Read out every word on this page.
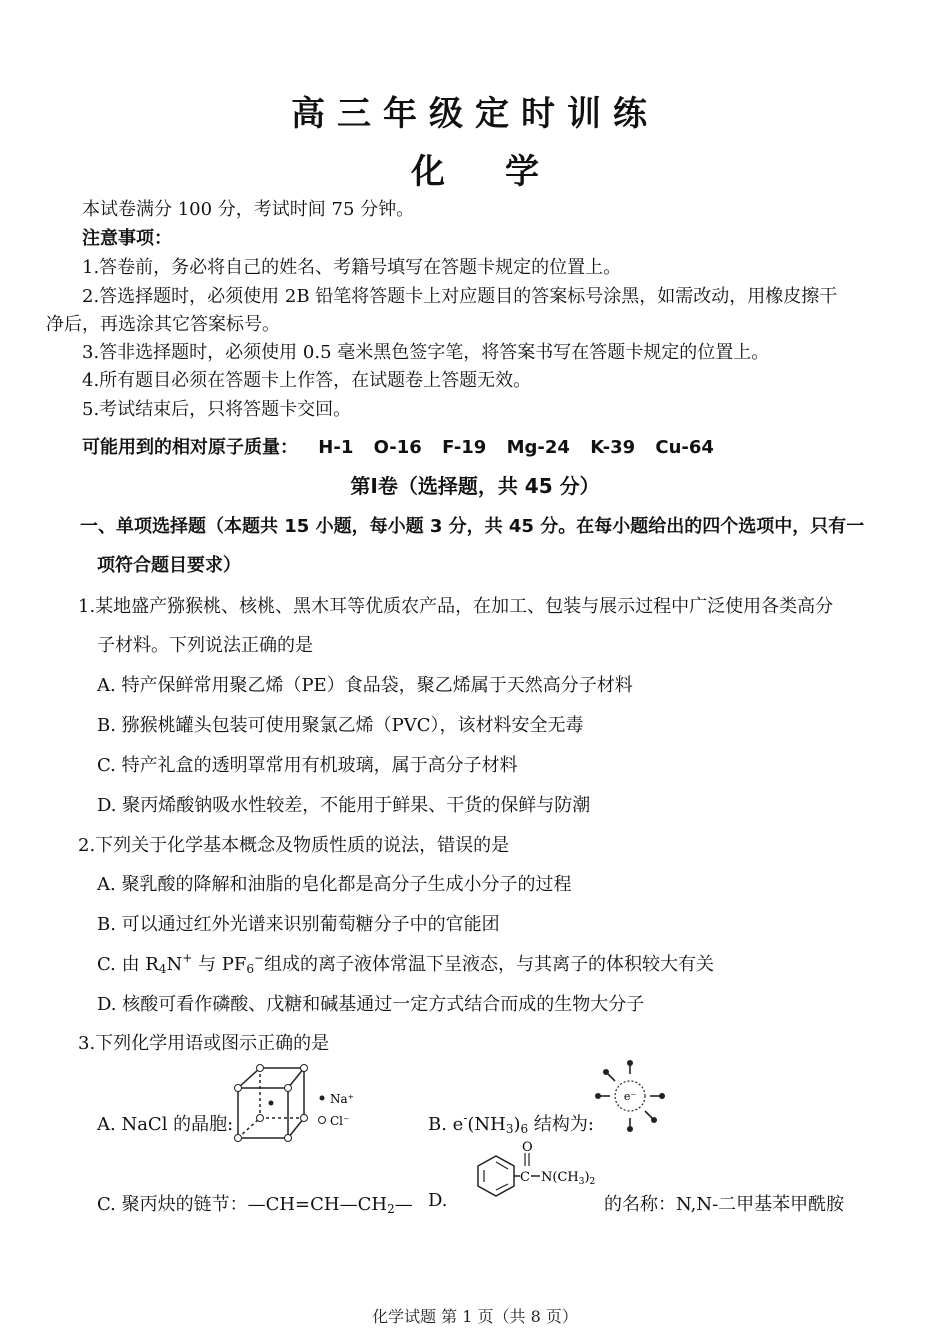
高三年级定时训练
化学
本试卷满分 100 分，考试时间 75 分钟。
注意事项：
1.答卷前，务必将自己的姓名、考籍号填写在答题卡规定的位置上。
2.答选择题时，必须使用 2B 铅笔将答题卡上对应题目的答案标号涂黑，如需改动，用橡皮擦干
净后，再选涂其它答案标号。
3.答非选择题时，必须使用 0.5 毫米黑色签字笔，将答案书写在答题卡规定的位置上。
4.所有题目必须在答题卡上作答，在试题卷上答题无效。
5.考试结束后，只将答题卡交回。
可能用到的相对原子质量： H-1 O-16 F-19 Mg-24 K-39 Cu-64
第Ⅰ卷（选择题，共 45 分）
一、单项选择题（本题共 15 小题，每小题 3 分，共 45 分。在每小题给出的四个选项中，只有一
项符合题目要求）
1.某地盛产猕猴桃、核桃、黑木耳等优质农产品，在加工、包装与展示过程中广泛使用各类高分
子材料。下列说法正确的是
A. 特产保鲜常用聚乙烯（PE）食品袋，聚乙烯属于天然高分子材料
B. 猕猴桃罐头包装可使用聚氯乙烯（PVC），该材料安全无毒
C. 特产礼盒的透明罩常用有机玻璃，属于高分子材料
D. 聚丙烯酸钠吸水性较差，不能用于鲜果、干货的保鲜与防潮
2.下列关于化学基本概念及物质性质的说法，错误的是
A. 聚乳酸的降解和油脂的皂化都是高分子生成小分子的过程
B. 可以通过红外光谱来识别葡萄糖分子中的官能团
C. 由 $R_4N^+$ 与 $PF_6^-$组成的离子液体常温下呈液态，与其离子的体积较大有关
D. 核酸可看作磷酸、戊糖和碱基通过一定方式结合而成的生物大分子
3.下列化学用语或图示正确的是
A. NaCl 的晶胞:
Na⁺
Cl⁻	B. $e^-(NH_3)_6$ 结构为:
e⁻
C. 聚丙炔的链节：$—CH=CH—CH_2—$ D.
C
O
$N(CH_3)_2$
的名称：N,N-二甲基苯甲酰胺
化学试题 第 1 页（共 8 页）
